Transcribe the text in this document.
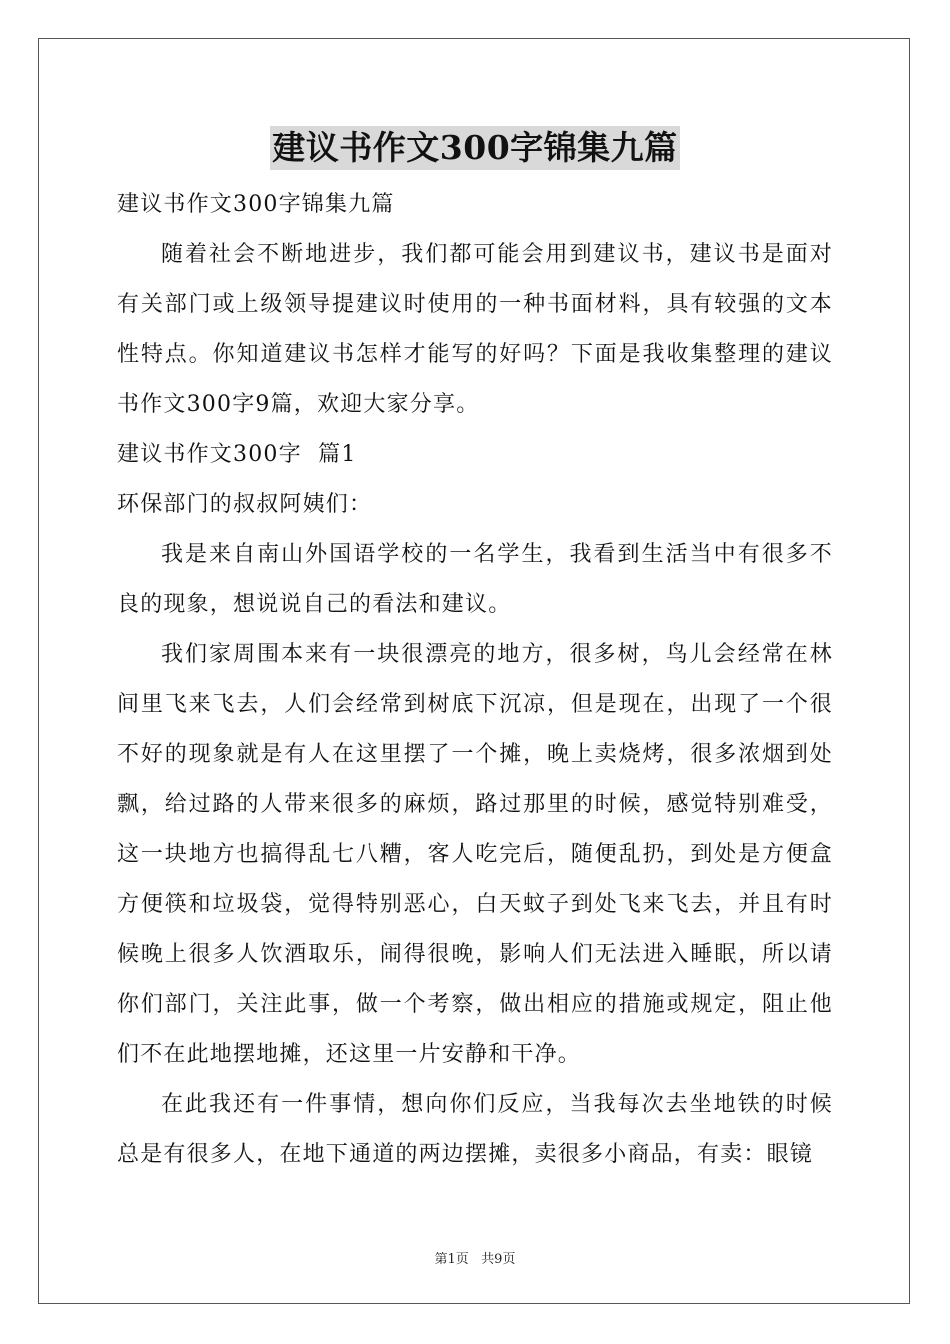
建议书作文300字锦集九篇

建议书作文300字锦集九篇

随着社会不断地进步，我们都可能会用到建议书，建议书是面对有关部门或上级领导提建议时使用的一种书面材料，具有较强的文本性特点。你知道建议书怎样才能写的好吗？下面是我收集整理的建议书作文300字9篇，欢迎大家分享。

建议书作文300字  篇1

环保部门的叔叔阿姨们：

我是来自南山外国语学校的一名学生，我看到生活当中有很多不良的现象，想说说自己的看法和建议。

我们家周围本来有一块很漂亮的地方，很多树，鸟儿会经常在林间里飞来飞去，人们会经常到树底下沉凉，但是现在，出现了一个很不好的现象就是有人在这里摆了一个摊，晚上卖烧烤，很多浓烟到处飘，给过路的人带来很多的麻烦，路过那里的时候，感觉特别难受，这一块地方也搞得乱七八糟，客人吃完后，随便乱扔，到处是方便盒方便筷和垃圾袋，觉得特别恶心，白天蚊子到处飞来飞去，并且有时候晚上很多人饮酒取乐，闹得很晚，影响人们无法进入睡眠，所以请你们部门，关注此事，做一个考察，做出相应的措施或规定，阻止他们不在此地摆地摊，还这里一片安静和干净。

在此我还有一件事情，想向你们反应，当我每次去坐地铁的时候总是有很多人，在地下通道的两边摆摊，卖很多小商品，有卖：眼镜

第1页   共9页
